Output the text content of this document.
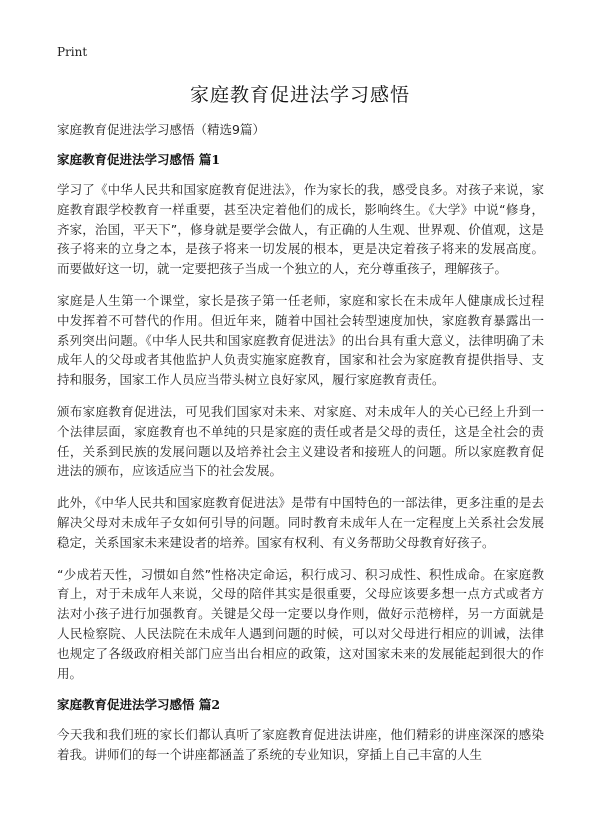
Print
家庭教育促进法学习感悟
家庭教育促进法学习感悟（精选9篇）
家庭教育促进法学习感悟 篇1

学习了《中华人民共和国家庭教育促进法》，作为家长的我，感受良多。对孩子来说，家庭教育跟学校教育一样重要，甚至决定着他们的成长，影响终生。《大学》中说“修身，齐家，治国，平天下”，修身就是要学会做人，有正确的人生观、世界观、价值观，这是孩子将来的立身之本，是孩子将来一切发展的根本，更是决定着孩子将来的发展高度。而要做好这一切，就一定要把孩子当成一个独立的人，充分尊重孩子，理解孩子。

家庭是人生第一个课堂，家长是孩子第一任老师，家庭和家长在未成年人健康成长过程中发挥着不可替代的作用。但近年来，随着中国社会转型速度加快，家庭教育暴露出一系列突出问题。《中华人民共和国家庭教育促进法》的出台具有重大意义，法律明确了未成年人的父母或者其他监护人负责实施家庭教育，国家和社会为家庭教育提供指导、支持和服务，国家工作人员应当带头树立良好家风，履行家庭教育责任。

颁布家庭教育促进法，可见我们国家对未来、对家庭、对未成年人的关心已经上升到一个法律层面，家庭教育也不单纯的只是家庭的责任或者是父母的责任，这是全社会的责任，关系到民族的发展问题以及培养社会主义建设者和接班人的问题。所以家庭教育促进法的颁布，应该适应当下的社会发展。

此外，《中华人民共和国家庭教育促进法》是带有中国特色的一部法律，更多注重的是去解决父母对未成年子女如何引导的问题。同时教育未成年人在一定程度上关系社会发展稳定，关系国家未来建设者的培养。国家有权利、有义务帮助父母教育好孩子。

“少成若天性，习惯如自然”性格决定命运，积行成习、积习成性、积性成命。在家庭教育上，对于未成年人来说，父母的陪伴其实是很重要，父母应该要多想一点方式或者方法对小孩子进行加强教育。关键是父母一定要以身作则，做好示范榜样，另一方面就是人民检察院、人民法院在未成年人遇到问题的时候，可以对父母进行相应的训诫，法律也规定了各级政府相关部门应当出台相应的政策，这对国家未来的发展能起到很大的作用。

家庭教育促进法学习感悟 篇2

今天我和我们班的家长们都认真听了家庭教育促进法讲座，他们精彩的讲座深深的感染着我。讲师们的每一个讲座都涵盖了系统的专业知识，穿插上自己丰富的人生
